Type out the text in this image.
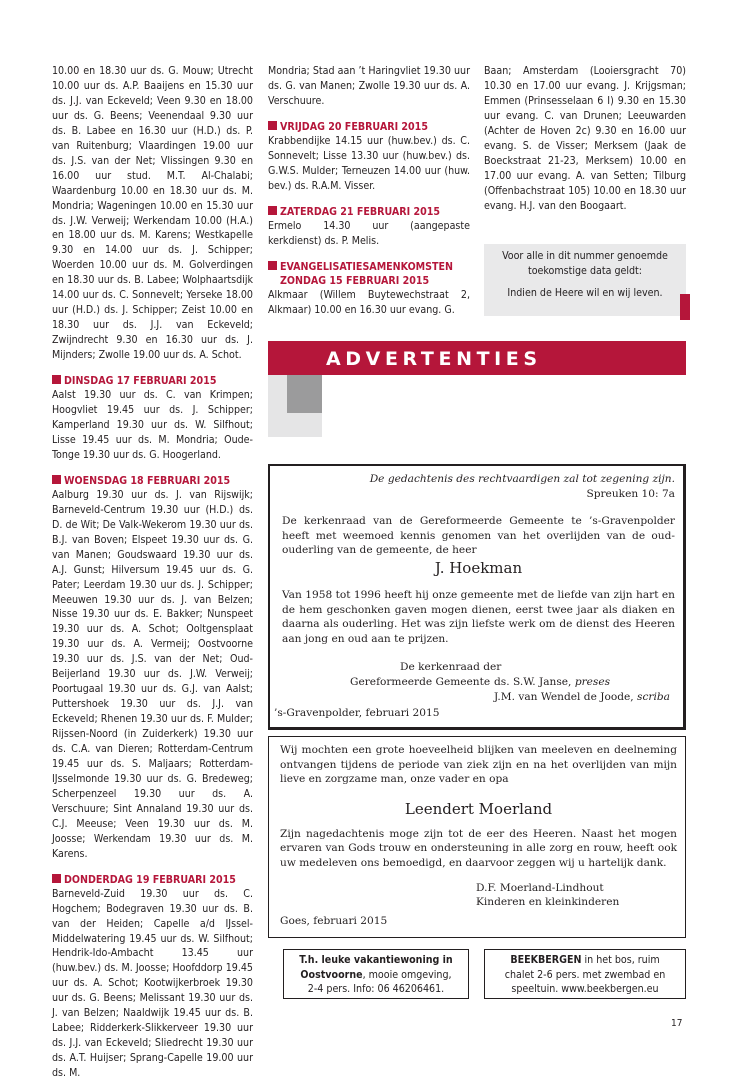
10.00 en 18.30 uur ds. G. Mouw; Utrecht 10.00 uur ds. A.P. Baaijens en 15.30 uur ds. J.J. van Eckeveld; Veen 9.30 en 18.00 uur ds. G. Beens; Veenendaal 9.30 uur ds. B. Labee en 16.30 uur (H.D.) ds. P. van Ruitenburg; Vlaardingen 19.00 uur ds. J.S. van der Net; Vlissingen 9.30 en 16.00 uur stud. M.T. Al-Chalabi; Waardenburg 10.00 en 18.30 uur ds. M. Mondria; Wageningen 10.00 en 15.30 uur ds. J.W. Verweij; Werkendam 10.00 (H.A.) en 18.00 uur ds. M. Karens; Westkapelle 9.30 en 14.00 uur ds. J. Schipper; Woerden 10.00 uur ds. M. Golverdingen en 18.30 uur ds. B. Labee; Wolphaartsdijk 14.00 uur ds. C. Sonnevelt; Yerseke 18.00 uur (H.D.) ds. J. Schipper; Zeist 10.00 en 18.30 uur ds. J.J. van Eckeveld; Zwijndrecht 9.30 en 16.30 uur ds. J. Mijnders; Zwolle 19.00 uur ds. A. Schot.

DINSDAG 17 FEBRUARI 2015

Aalst 19.30 uur ds. C. van Krimpen; Hoogvliet 19.45 uur ds. J. Schipper; Kamperland 19.30 uur ds. W. Silfhout; Lisse 19.45 uur ds. M. Mondria; Oude-Tonge 19.30 uur ds. G. Hoogerland.

WOENSDAG 18 FEBRUARI 2015

Aalburg 19.30 uur ds. J. van Rijswijk; Barneveld-Centrum 19.30 uur (H.D.) ds. D. de Wit; De Valk-Wekerom 19.30 uur ds. B.J. van Boven; Elspeet 19.30 uur ds. G. van Manen; Goudswaard 19.30 uur ds. A.J. Gunst; Hilversum 19.45 uur ds. G. Pater; Leerdam 19.30 uur ds. J. Schipper; Meeuwen 19.30 uur ds. J. van Belzen; Nisse 19.30 uur ds. E. Bakker; Nunspeet 19.30 uur ds. A. Schot; Ooltgensplaat 19.30 uur ds. A. Vermeij; Oostvoorne 19.30 uur ds. J.S. van der Net; Oud-Beijerland 19.30 uur ds. J.W. Verweij; Poortugaal 19.30 uur ds. G.J. van Aalst; Puttershoek 19.30 uur ds. J.J. van Eckeveld; Rhenen 19.30 uur ds. F. Mulder; Rijssen-Noord (in Zuiderkerk) 19.30 uur ds. C.A. van Dieren; Rotterdam-Centrum 19.45 uur ds. S. Maljaars; Rotterdam-IJsselmonde 19.30 uur ds. G. Bredeweg; Scherpenzeel 19.30 uur ds. A. Verschuure; Sint Annaland 19.30 uur ds. C.J. Meeuse; Veen 19.30 uur ds. M. Joosse; Werkendam 19.30 uur ds. M. Karens.

DONDERDAG 19 FEBRUARI 2015

Barneveld-Zuid 19.30 uur ds. C. Hogchem; Bodegraven 19.30 uur ds. B. van der Heiden; Capelle a/d IJssel-Middelwatering 19.45 uur ds. W. Silfhout; Hendrik-Ido-Ambacht 13.45 uur (huw.bev.) ds. M. Joosse; Hoofddorp 19.45 uur ds. A. Schot; Kootwijkerbroek 19.30 uur ds. G. Beens; Melissant 19.30 uur ds. J. van Belzen; Naaldwijk 19.45 uur ds. B. Labee; Ridderkerk-Slikkerveer 19.30 uur ds. J.J. van Eckeveld; Sliedrecht 19.30 uur ds. A.T. Huijser; Sprang-Capelle 19.00 uur ds. M.

Mondria; Stad aan ’t Haringvliet 19.30 uur ds. G. van Manen; Zwolle 19.30 uur ds. A. Verschuure.

VRIJDAG 20 FEBRUARI 2015

Krabbendijke 14.15 uur (huw.bev.) ds. C. Sonnevelt; Lisse 13.30 uur (huw.bev.) ds. G.W.S. Mulder; Terneuzen 14.00 uur (huw. bev.) ds. R.A.M. Visser.

ZATERDAG 21 FEBRUARI 2015

Ermelo 14.30 uur (aangepaste kerkdienst) ds. P. Melis.

EVANGELISATIESAMENKOMSTEN
ZONDAG 15 FEBRUARI 2015

Alkmaar (Willem Buytewechstraat 2, Alkmaar) 10.00 en 16.30 uur evang. G.

Baan; Amsterdam (Looiersgracht 70) 10.30 en 17.00 uur evang. J. Krijgsman; Emmen (Prinsesselaan 6 I) 9.30 en 15.30 uur evang. C. van Drunen; Leeuwarden (Achter de Hoven 2c) 9.30 en 16.00 uur evang. S. de Visser; Merksem (Jaak de Boeckstraat 21-23, Merksem) 10.00 en 17.00 uur evang. A. van Setten; Tilburg (Offenbachstraat 105) 10.00 en 18.30 uur evang. H.J. van den Boogaart.

Voor alle in dit nummer genoemde toekomstige data geldt:
Indien de Heere wil en wij leven.
ADVERTENTIES

De gedachtenis des rechtvaardigen zal tot zegening zijn.

Spreuken 10: 7a

De kerkenraad van de Gereformeerde Gemeente te ’s-Gravenpolder heeft met weemoed kennis genomen van het overlijden van de oud-ouderling van de gemeente, de heer

J. Hoekman

Van 1958 tot 1996 heeft hij onze gemeente met de liefde van zijn hart en de hem geschonken gaven mogen dienen, eerst twee jaar als diaken en daarna als ouderling. Het was zijn liefste werk om de dienst des Heeren aan jong en oud aan te prijzen.

De kerkenraad der
Gereformeerde Gemeente ds. S.W. Janse, preses
J.M. van Wendel de Joode, scriba

’s-Gravenpolder, februari 2015

Wij mochten een grote hoeveelheid blijken van meeleven en deelneming ontvangen tijdens de periode van ziek zijn en na het overlijden van mijn lieve en zorgzame man, onze vader en opa

Leendert Moerland

Zijn nagedachtenis moge zijn tot de eer des Heeren. Naast het mogen ervaren van Gods trouw en ondersteuning in alle zorg en rouw, heeft ook uw medeleven ons bemoedigd, en daarvoor zeggen wij u hartelijk dank.

D.F. Moerland-Lindhout

Kinderen en kleinkinderen

Goes, februari 2015

T.h. leuke vakantiewoning in
Oostvoorne, mooie omgeving,
2-4 pers. Info: 06 46206461.
BEEKBERGEN in het bos, ruim
chalet 2-6 pers. met zwembad en
speeltuin. www.beekbergen.eu
17
